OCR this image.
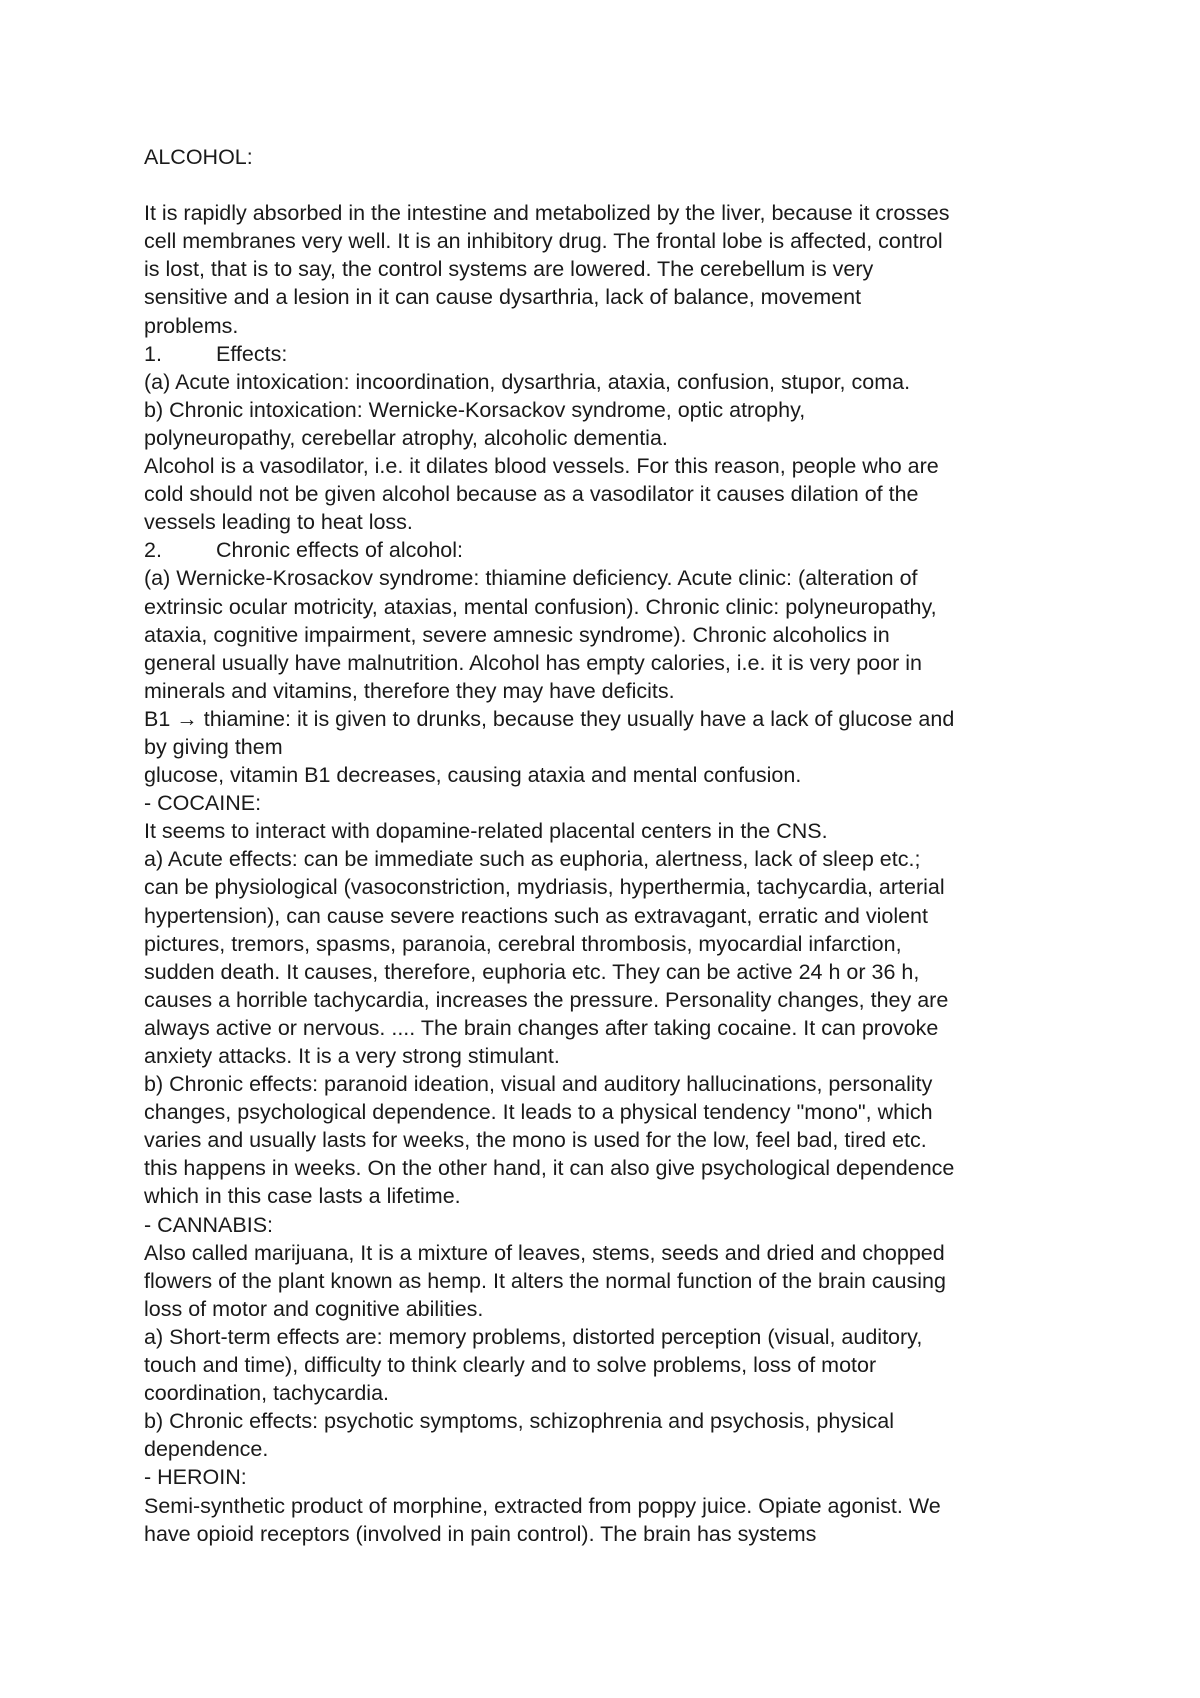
ALCOHOL:
It is rapidly absorbed in the intestine and metabolized by the liver, because it crosses
cell membranes very well. It is an inhibitory drug. The frontal lobe is affected, control
is lost, that is to say, the control systems are lowered. The cerebellum is very
sensitive and a lesion in it can cause dysarthria, lack of balance, movement
problems.
1.	Effects:
(a) Acute intoxication: incoordination, dysarthria, ataxia, confusion, stupor, coma.
b) Chronic intoxication: Wernicke-Korsackov syndrome, optic atrophy,
polyneuropathy, cerebellar atrophy, alcoholic dementia.
Alcohol is a vasodilator, i.e. it dilates blood vessels. For this reason, people who are
cold should not be given alcohol because as a vasodilator it causes dilation of the
vessels leading to heat loss.
2.	Chronic effects of alcohol:
(a) Wernicke-Krosackov syndrome: thiamine deficiency. Acute clinic: (alteration of
extrinsic ocular motricity, ataxias, mental confusion). Chronic clinic: polyneuropathy,
ataxia, cognitive impairment, severe amnesic syndrome). Chronic alcoholics in
general usually have malnutrition. Alcohol has empty calories, i.e. it is very poor in
minerals and vitamins, therefore they may have deficits.
B1 → thiamine: it is given to drunks, because they usually have a lack of glucose and
by giving them
glucose, vitamin B1 decreases, causing ataxia and mental confusion.
- COCAINE:
It seems to interact with dopamine-related placental centers in the CNS.
a) Acute effects: can be immediate such as euphoria, alertness, lack of sleep etc.;
can be physiological (vasoconstriction, mydriasis, hyperthermia, tachycardia, arterial
hypertension), can cause severe reactions such as extravagant, erratic and violent
pictures, tremors, spasms, paranoia, cerebral thrombosis, myocardial infarction,
sudden death. It causes, therefore, euphoria etc. They can be active 24 h or 36 h,
causes a horrible tachycardia, increases the pressure. Personality changes, they are
always active or nervous. .... The brain changes after taking cocaine. It can provoke
anxiety attacks. It is a very strong stimulant.
b) Chronic effects: paranoid ideation, visual and auditory hallucinations, personality
changes, psychological dependence. It leads to a physical tendency "mono", which
varies and usually lasts for weeks, the mono is used for the low, feel bad, tired etc.
this happens in weeks. On the other hand, it can also give psychological dependence
which in this case lasts a lifetime.
- CANNABIS:
Also called marijuana, It is a mixture of leaves, stems, seeds and dried and chopped
flowers of the plant known as hemp. It alters the normal function of the brain causing
loss of motor and cognitive abilities.
a) Short-term effects are: memory problems, distorted perception (visual, auditory,
touch and time), difficulty to think clearly and to solve problems, loss of motor
coordination, tachycardia.
b) Chronic effects: psychotic symptoms, schizophrenia and psychosis, physical
dependence.
- HEROIN:
Semi-synthetic product of morphine, extracted from poppy juice. Opiate agonist. We
have opioid receptors (involved in pain control). The brain has systems
